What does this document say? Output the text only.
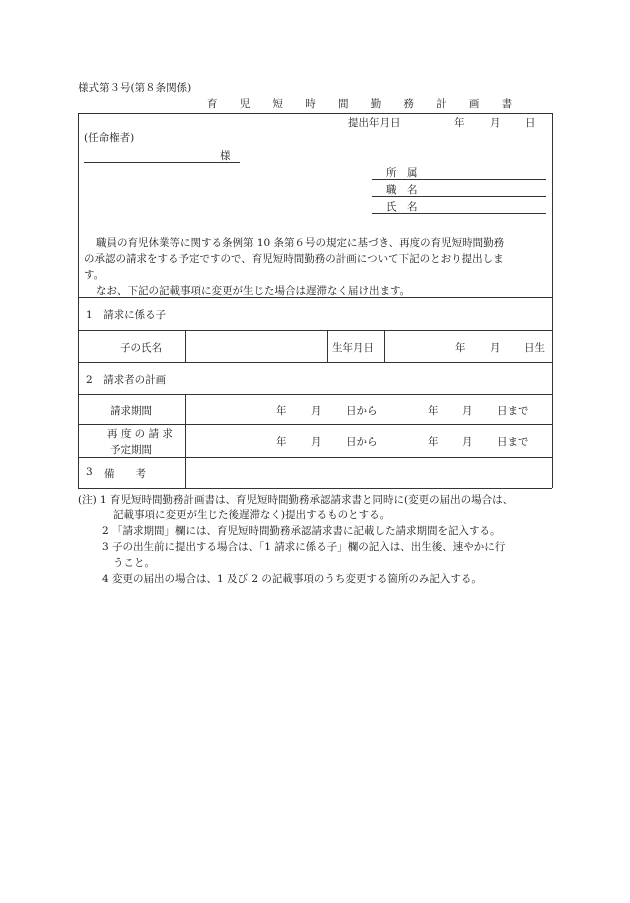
様式第３号(第８条関係)
育 児 短 時 間 勤 務 計 画 書
提出年月日	年 月 日
(任命権者)
様
所　属
職　名
氏　名
職員の育児休業等に関する条例第 10 条第６号の規定に基づき、再度の育児短時間勤務
の承認の請求をする予定ですので、育児短時間勤務の計画について下記のとおり提出しま
す。
なお、下記の記載事項に変更が生じた場合は遅滞なく届け出ます。
1　請求に係る子
子の氏名	生年月日	年 月 日生
2　請求者の計画
請求期間	年 月 日から	年 月 日まで
再 度 の 請 求
予定期間
年 月 日から	年 月 日まで
3 備　　考
(注) 1 育児短時間勤務計画書は、育児短時間勤務承認請求書と同時に(変更の届出の場合は、
記載事項に変更が生じた後遅滞なく)提出するものとする。
2 「請求期間」欄には、育児短時間勤務承認請求書に記載した請求期間を記入する。
3 子の出生前に提出する場合は、「1 請求に係る子」欄の記入は、出生後、速やかに行
うこと。
4 変更の届出の場合は、1 及び 2 の記載事項のうち変更する箇所のみ記入する。
